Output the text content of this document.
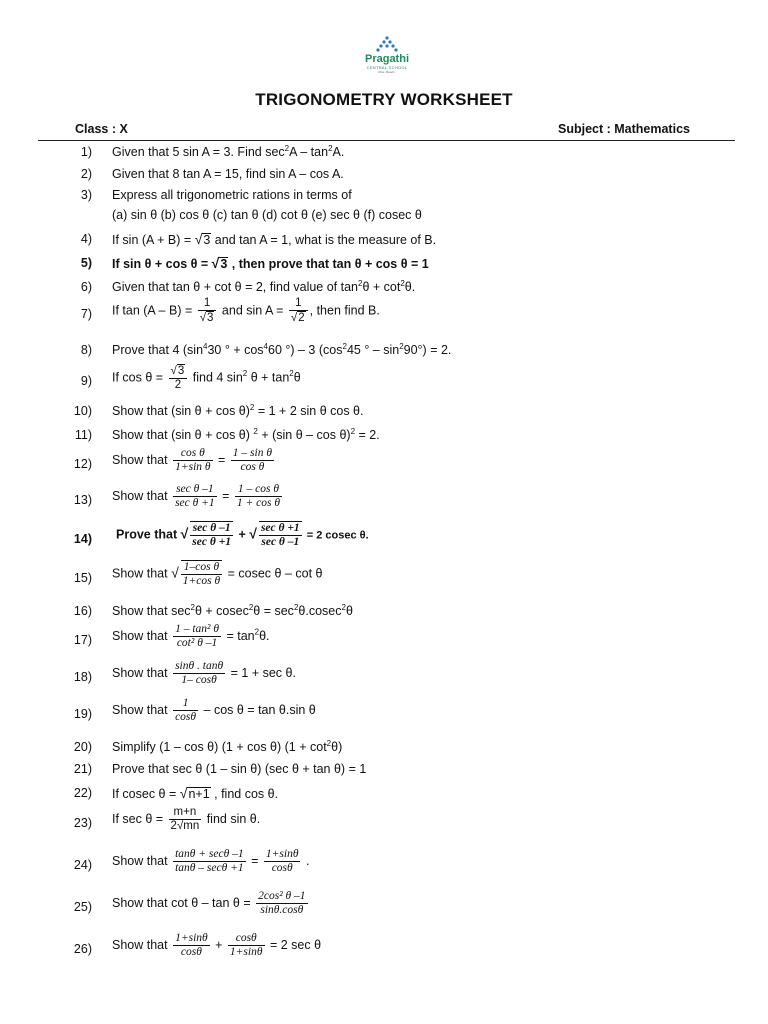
Pragathi
CENTRAL SCHOOL
Rise. Reach.
TRIGONOMETRY WORKSHEET
Class : X	Subject : Mathematics
1) Given that 5 sin A = 3. Find $\sec^2A - \tan^2A$.
2) Given that 8 tan A = 15, find sin A – cos A.
3) Express all trigonometric rations in terms of
(a) sin θ (b) cos θ (c) tan θ (d) cot θ (e) sec θ (f) cosec θ
4) If sin (A + B) = √3 and tan A = 1, what is the measure of B.
5) If sin θ + cos θ = √3 , then prove that tan θ + cos θ = 1
6) Given that tan θ + cot θ = 2, find value of $\tan^2\theta + \cot^2\theta$.
7) If $\tan (A - B) = \frac{1}{√3}$ and $\sin A = \frac{1}{√2}$ , then find B.
8) Prove that 4 ($\sin^430$ ° + $\cos^460$ °) – 3 ($\cos^245$ ° – $\sin^290^\circ) = 2$.
9) If $\cos \theta = \frac{√3}{2}$ find 4 $\sin^2 \theta + \tan^2\theta$
10) Show that (sin θ + cos θ)$^2$ = 1 + 2 sin θ cos θ.
11) Show that (sin θ + cos θ) $^2$ + (sin θ – cos θ)$^2$ = 2.
12) Show that $\frac{\text{cos θ}}{\text{1+sin θ}} = \frac{\text{1 – sin θ}}{\text{cos θ}}$
13) Show that $\frac{\text{sec θ –1}}{\text{sec θ +1}} = \frac{\text{1 – cos θ}}{\text{1 + cos θ}}$
14) Prove that √ $\frac{\text{sec θ –1}}{\text{sec θ +1}}$ + √ $\frac{\text{sec θ +1}}{\text{sec θ –1}} = 2$ cosec θ.
15) Show that √ $\frac{\text{1–cos θ}}{\text{1+cos θ}} = cosec$ θ – cot θ
16) Show that $\sec^2\theta + cosec^2\theta = \sec^2\theta.cosec^2\theta$
17) Show that $\frac{\text{1 – tan² θ}}{\text{cot² θ –1}} = \tan^2\theta$.
18) Show that $\frac{\sin\theta . \tan\theta}{1- \cos\theta} = 1 + \sec \theta$.
19) Show that $\frac{1}{\cos\theta} - \cos \theta = \tan \theta.\sin$ θ
20) Simplify (1 – cos θ) (1 + cos θ) $(1 + \cot^2\theta)$
21) Prove that sec θ (1 – sin θ) (sec θ + tan θ) = 1
22) If cosec θ = √n+1 , find cos θ.
23) If $\sec \theta = \frac{m+n}{2√mn}$ find sin θ.
24) Show that $\frac{\tan\theta + \sec\theta -1}{\tan\theta - \sec\theta +1} = \frac{1+\sin\theta}{\cos\theta}$ .
25) Show that $\cot \theta - \tan \theta = \frac{\text{2cos² θ –1}}{\sin\theta.\cos\theta}$
26) Show that $\frac{1+\sin\theta}{\cos\theta} + \frac{\cos\theta}{1+\sin\theta} = 2$ sec θ
